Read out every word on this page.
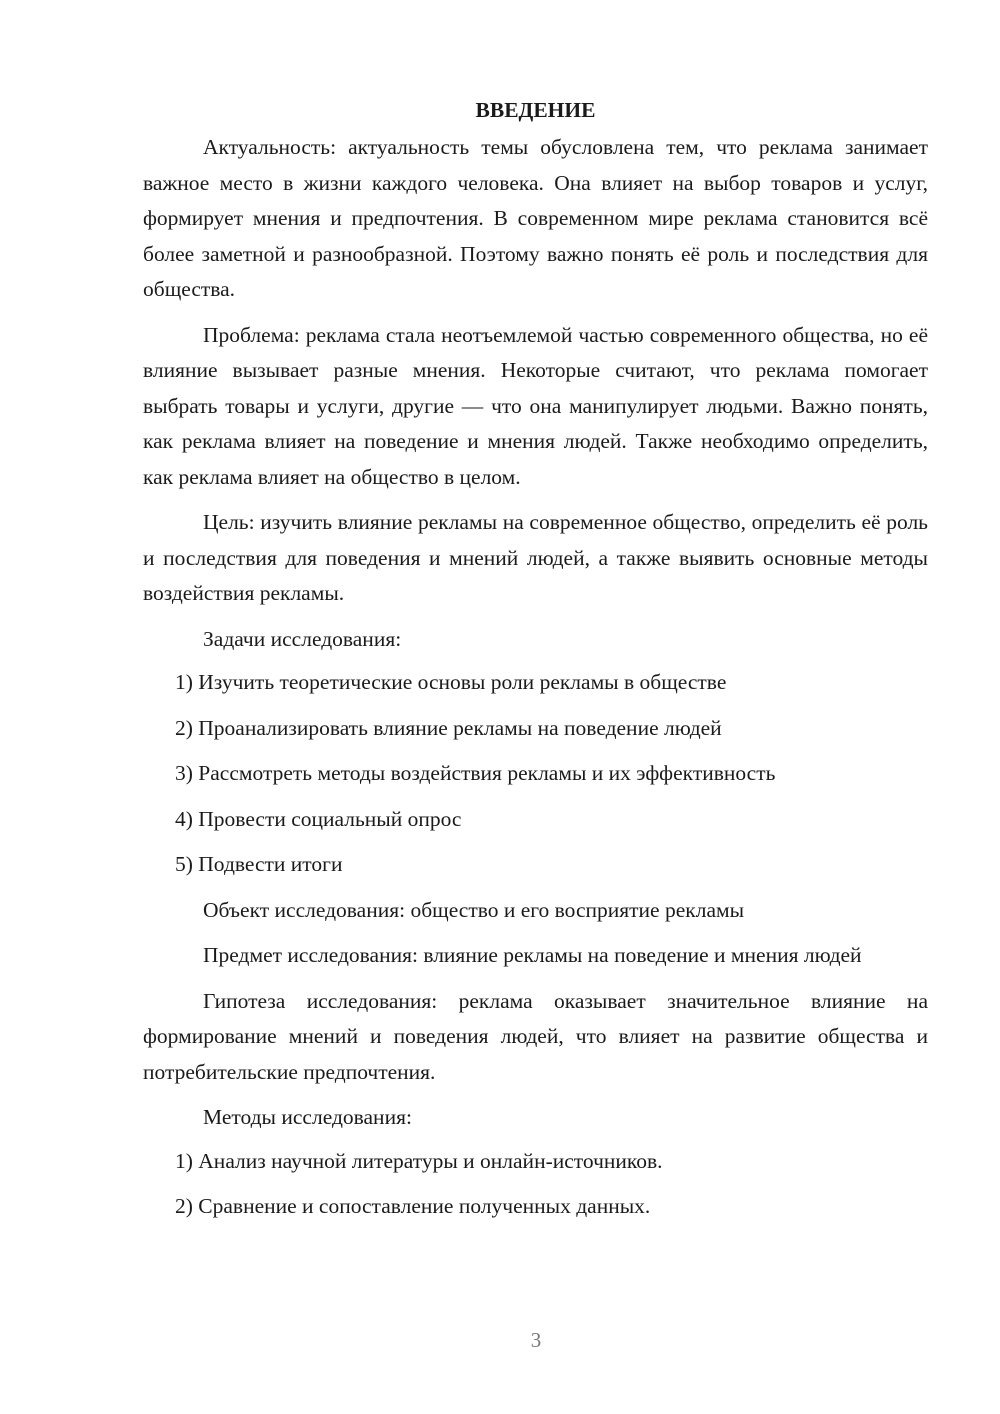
ВВЕДЕНИЕ

Актуальность: актуальность темы обусловлена тем, что реклама занимает важное место в жизни каждого человека. Она влияет на выбор товаров и услуг, формирует мнения и предпочтения. В современном мире реклама становится всё более заметной и разнообразной. Поэтому важно понять её роль и последствия для общества.

Проблема: реклама стала неотъемлемой частью современного общества, но её влияние вызывает разные мнения. Некоторые считают, что реклама помогает выбрать товары и услуги, другие — что она манипулирует людьми. Важно понять, как реклама влияет на поведение и мнения людей. Также необходимо определить, как реклама влияет на общество в целом.

Цель: изучить влияние рекламы на современное общество, определить её роль и последствия для поведения и мнений людей, а также выявить основные методы воздействия рекламы.

Задачи исследования:

1) Изучить теоретические основы роли рекламы в обществе
2) Проанализировать влияние рекламы на поведение людей
3) Рассмотреть методы воздействия рекламы и их эффективность
4) Провести социальный опрос
5) Подвести итоги

Объект исследования: общество и его восприятие рекламы

Предмет исследования: влияние рекламы на поведение и мнения людей

Гипотеза исследования: реклама оказывает значительное влияние на формирование мнений и поведения людей, что влияет на развитие общества и потребительские предпочтения.

Методы исследования:

1) Анализ научной литературы и онлайн-источников.
2) Сравнение и сопоставление полученных данных.
3
